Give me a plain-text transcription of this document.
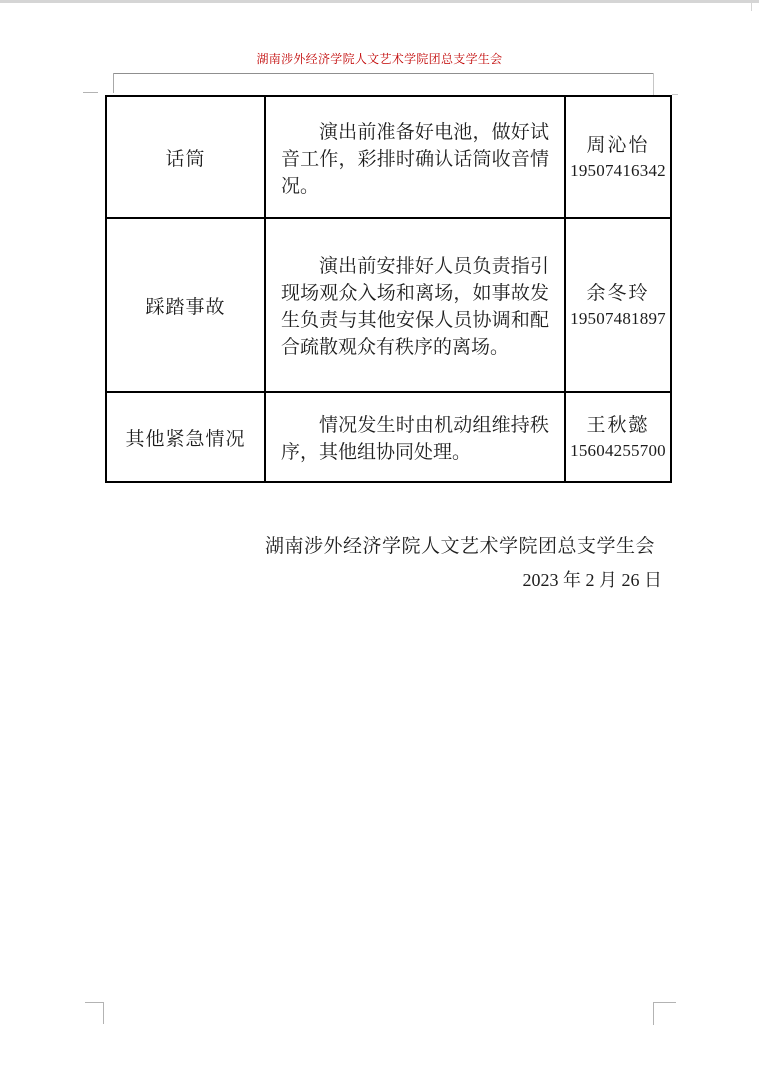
湖南涉外经济学院人文艺术学院团总支学生会
话筒

演出前准备好电池，做好试音工作，彩排时确认话筒收音情况。

周沁怡
19507416342
踩踏事故

演出前安排好人员负责指引现场观众入场和离场，如事故发生负责与其他安保人员协调和配合疏散观众有秩序的离场。

余冬玲
19507481897
其他紧急情况

情况发生时由机动组维持秩序，其他组协同处理。

王秋懿
15604255700
湖南涉外经济学院人文艺术学院团总支学生会
2023 年 2 月 26 日
